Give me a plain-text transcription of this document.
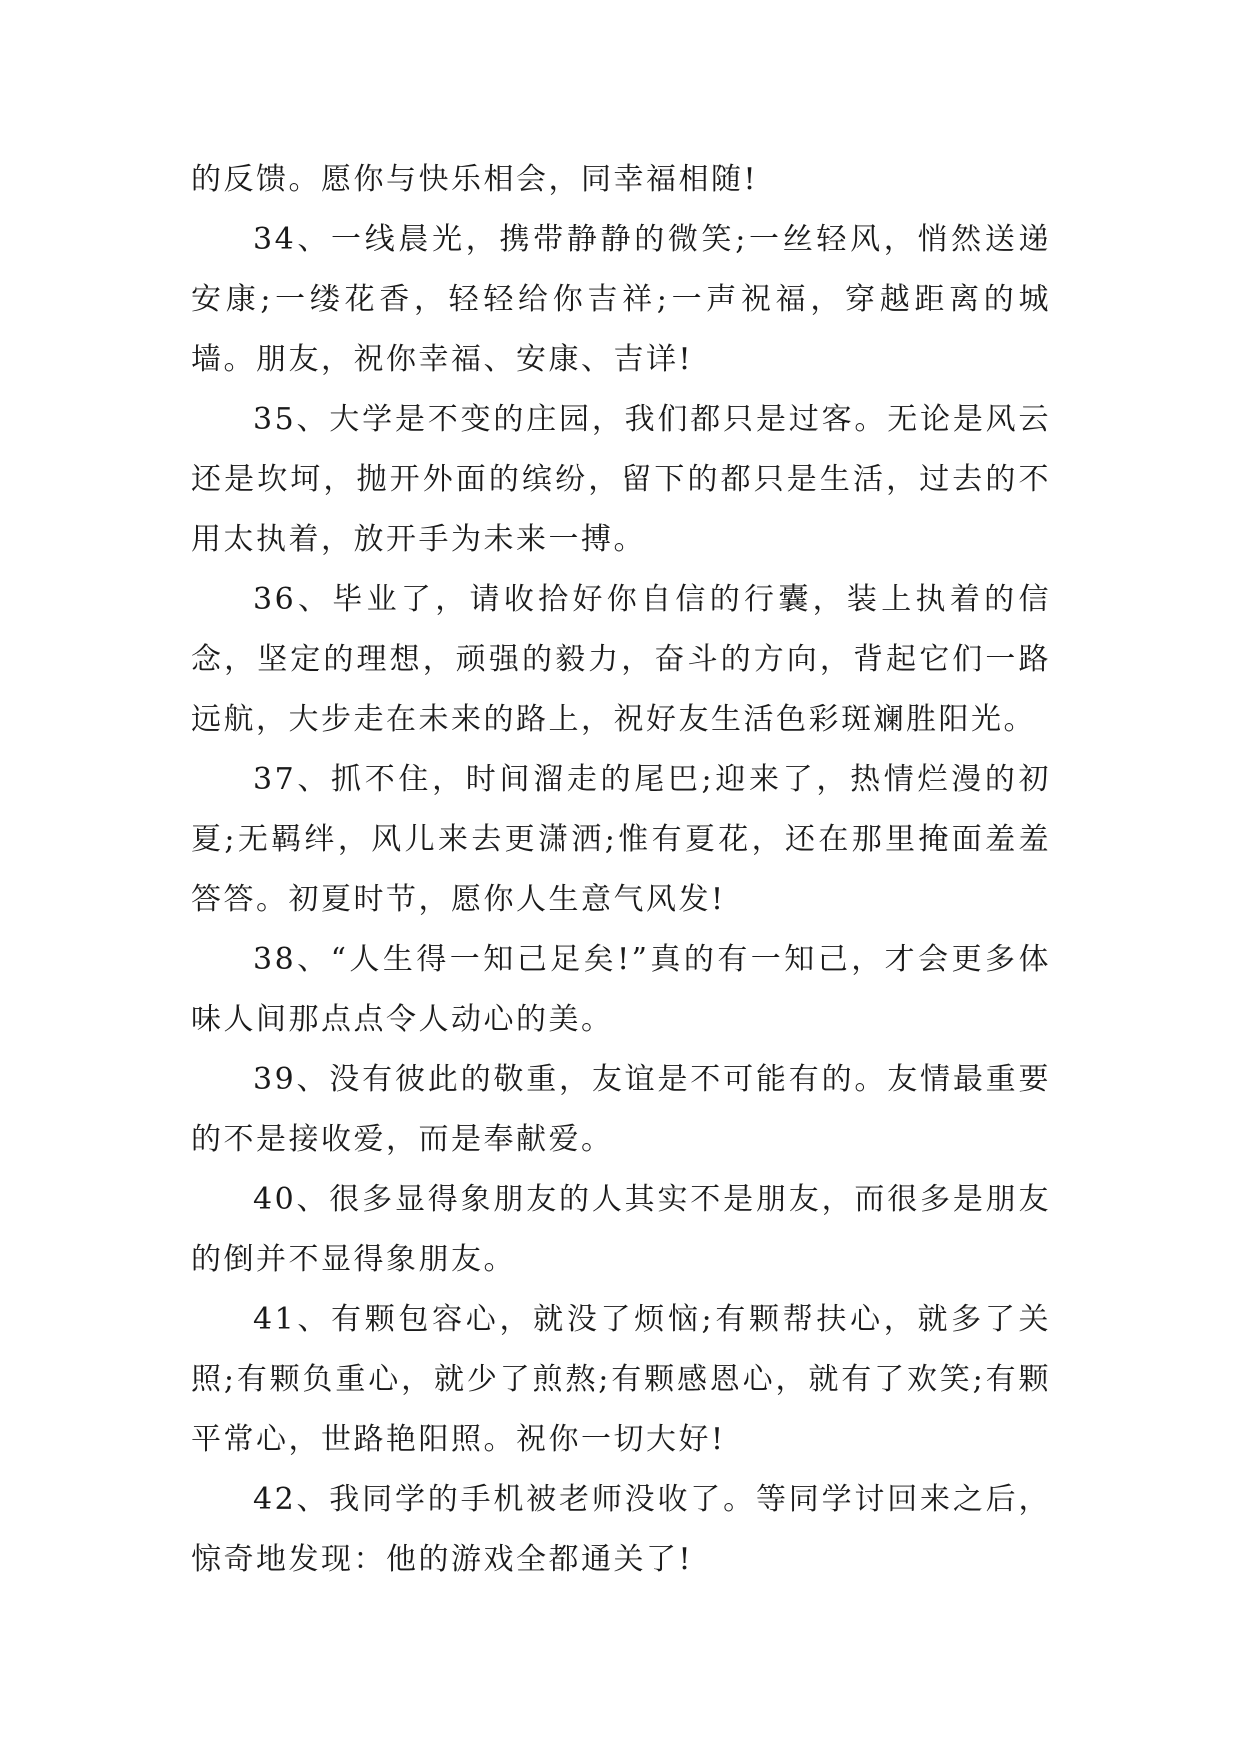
的反馈。愿你与快乐相会，同幸福相随!

34、一线晨光，携带静静的微笑;一丝轻风，悄然送递安康;一缕花香，轻轻给你吉祥;一声祝福，穿越距离的城墙。朋友，祝你幸福、安康、吉详!

35、大学是不变的庄园，我们都只是过客。无论是风云还是坎坷，抛开外面的缤纷，留下的都只是生活，过去的不用太执着，放开手为未来一搏。

36、毕业了，请收拾好你自信的行囊，装上执着的信念，坚定的理想，顽强的毅力，奋斗的方向，背起它们一路远航，大步走在未来的路上，祝好友生活色彩斑斓胜阳光。

37、抓不住，时间溜走的尾巴;迎来了，热情烂漫的初夏;无羁绊，风儿来去更潇洒;惟有夏花，还在那里掩面羞羞答答。初夏时节，愿你人生意气风发!

38、“人生得一知己足矣!”真的有一知己，才会更多体味人间那点点令人动心的美。

39、没有彼此的敬重，友谊是不可能有的。友情最重要的不是接收爱，而是奉献爱。

40、很多显得象朋友的人其实不是朋友，而很多是朋友的倒并不显得象朋友。

41、有颗包容心，就没了烦恼;有颗帮扶心，就多了关照;有颗负重心，就少了煎熬;有颗感恩心，就有了欢笑;有颗平常心，世路艳阳照。祝你一切大好!

42、我同学的手机被老师没收了。等同学讨回来之后，惊奇地发现：他的游戏全都通关了!
